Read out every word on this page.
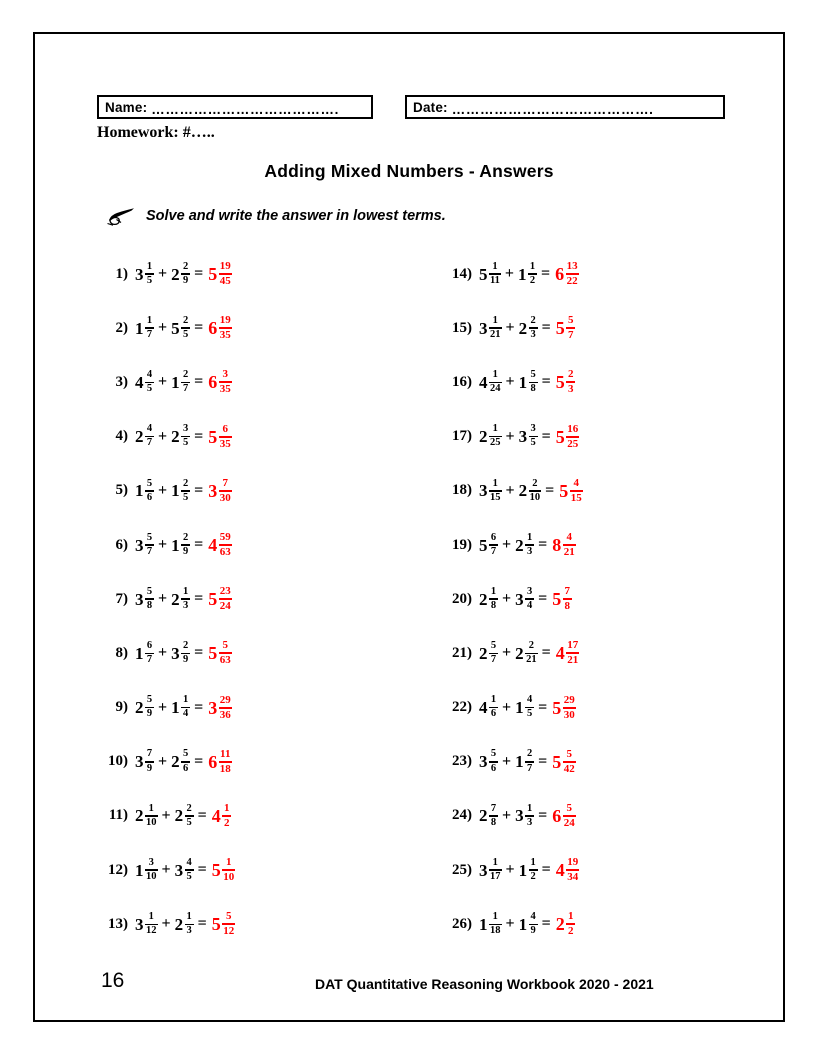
Name: ………………………………….	Date: …………………………………….
Homework: #…..
Adding Mixed Numbers - Answers
Solve and write the answer in lowest terms.
1) $3 \frac{1}{5} + 2 \frac{2}{9} = 5 \frac{19}{45}$
2) $1 \frac{1}{7} + 5 \frac{2}{5} = 6 \frac{19}{35}$
3) $4 \frac{4}{5} + 1 \frac{2}{7} = 6 \frac{3}{35}$
4) $2 \frac{4}{7} + 2 \frac{3}{5} = 5 \frac{6}{35}$
5) $1 \frac{5}{6} + 1 \frac{2}{5} = 3 \frac{7}{30}$
6) $3 \frac{5}{7} + 1 \frac{2}{9} = 4 \frac{59}{63}$
7) $3 \frac{5}{8} + 2 \frac{1}{3} = 5 \frac{23}{24}$
8) $1 \frac{6}{7} + 3 \frac{2}{9} = 5 \frac{5}{63}$
9) $2 \frac{5}{9} + 1 \frac{1}{4} = 3 \frac{29}{36}$
10) $3 \frac{7}{9} + 2 \frac{5}{6} = 6 \frac{11}{18}$
11) $2 \frac{1}{10} + 2 \frac{2}{5} = 4 \frac{1}{2}$
12) $1 \frac{3}{10} + 3 \frac{4}{5} = 5 \frac{1}{10}$
13) $3 \frac{1}{12} + 2 \frac{1}{3} = 5 \frac{5}{12}$
14) $5 \frac{1}{11} + 1 \frac{1}{2} = 6 \frac{13}{22}$
15) $3 \frac{1}{21} + 2 \frac{2}{3} = 5 \frac{5}{7}$
16) $4 \frac{1}{24} + 1 \frac{5}{8} = 5 \frac{2}{3}$
17) $2 \frac{1}{25} + 3 \frac{3}{5} = 5 \frac{16}{25}$
18) $3 \frac{1}{15} + 2 \frac{2}{10} = 5 \frac{4}{15}$
19) $5 \frac{6}{7} + 2 \frac{1}{3} = 8 \frac{4}{21}$
20) $2 \frac{1}{8} + 3 \frac{3}{4} = 5 \frac{7}{8}$
21) $2 \frac{5}{7} + 2 \frac{2}{21} = 4 \frac{17}{21}$
22) $4 \frac{1}{6} + 1 \frac{4}{5} = 5 \frac{29}{30}$
23) $3 \frac{5}{6} + 1 \frac{2}{7} = 5 \frac{5}{42}$
24) $2 \frac{7}{8} + 3 \frac{1}{3} = 6 \frac{5}{24}$
25) $3 \frac{1}{17} + 1 \frac{1}{2} = 4 \frac{19}{34}$
26) $1 \frac{1}{18} + 1 \frac{4}{9} = 2 \frac{1}{2}$
16	DAT Quantitative Reasoning Workbook 2020 - 2021
